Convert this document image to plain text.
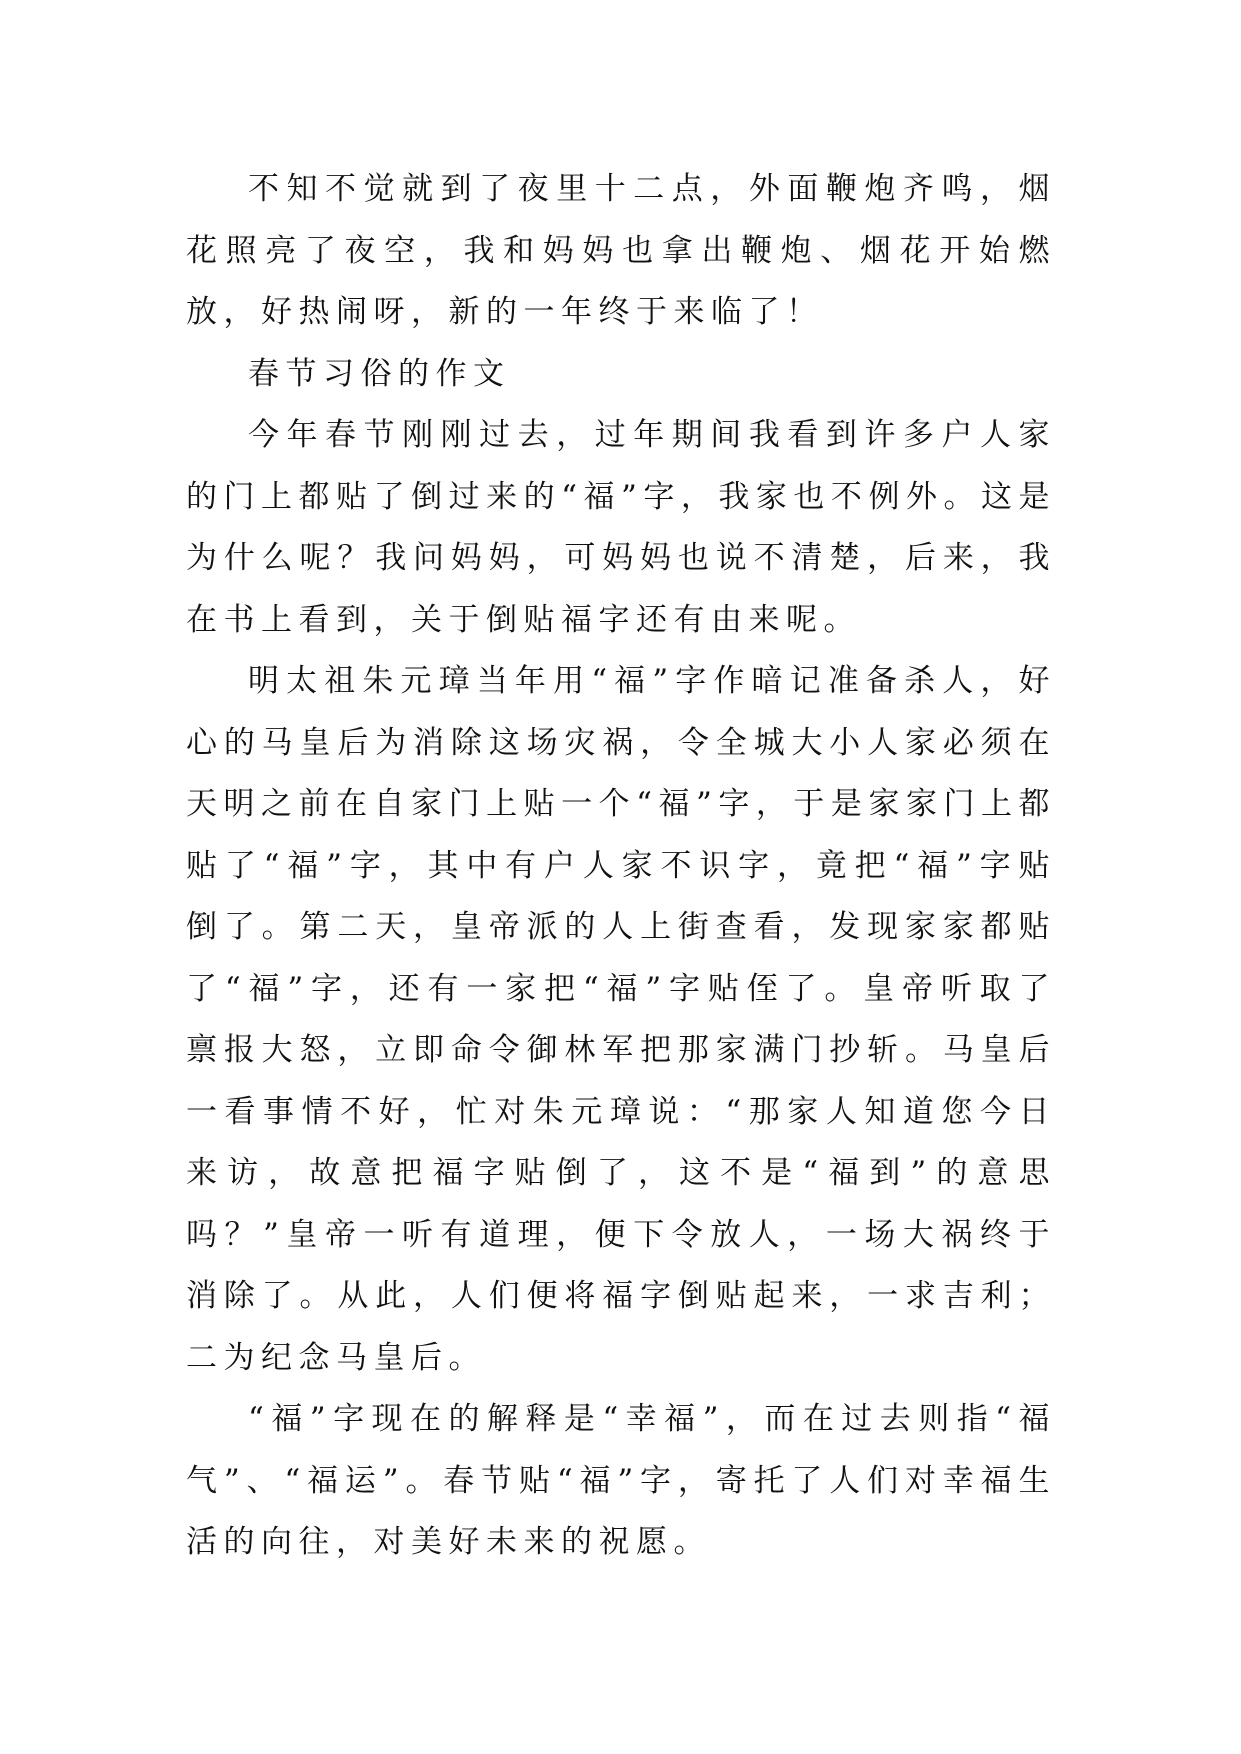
不知不觉就到了夜里十二点，外面鞭炮齐鸣，烟花照亮了夜空，我和妈妈也拿出鞭炮、烟花开始燃放，好热闹呀，新的一年终于来临了！

春节习俗的作文

今年春节刚刚过去，过年期间我看到许多户人家的门上都贴了倒过来的“福”字，我家也不例外。这是为什么呢？我问妈妈，可妈妈也说不清楚，后来，我在书上看到，关于倒贴福字还有由来呢。

明太祖朱元璋当年用“福”字作暗记准备杀人，好心的马皇后为消除这场灾祸，令全城大小人家必须在天明之前在自家门上贴一个“福”字，于是家家门上都贴了“福”字，其中有户人家不识字，竟把“福”字贴倒了。第二天，皇帝派的人上街查看，发现家家都贴了“福”字，还有一家把“福”字贴侄了。皇帝听取了禀报大怒，立即命令御林军把那家满门抄斩。马皇后一看事情不好，忙对朱元璋说：“那家人知道您今日来访，故意把福字贴倒了，这不是“福到”的意思吗？”皇帝一听有道理，便下令放人，一场大祸终于消除了。从此，人们便将福字倒贴起来，一求吉利；二为纪念马皇后。

“福”字现在的解释是“幸福”，而在过去则指“福气”、“福运”。春节贴“福”字，寄托了人们对幸福生活的向往，对美好未来的祝愿。
